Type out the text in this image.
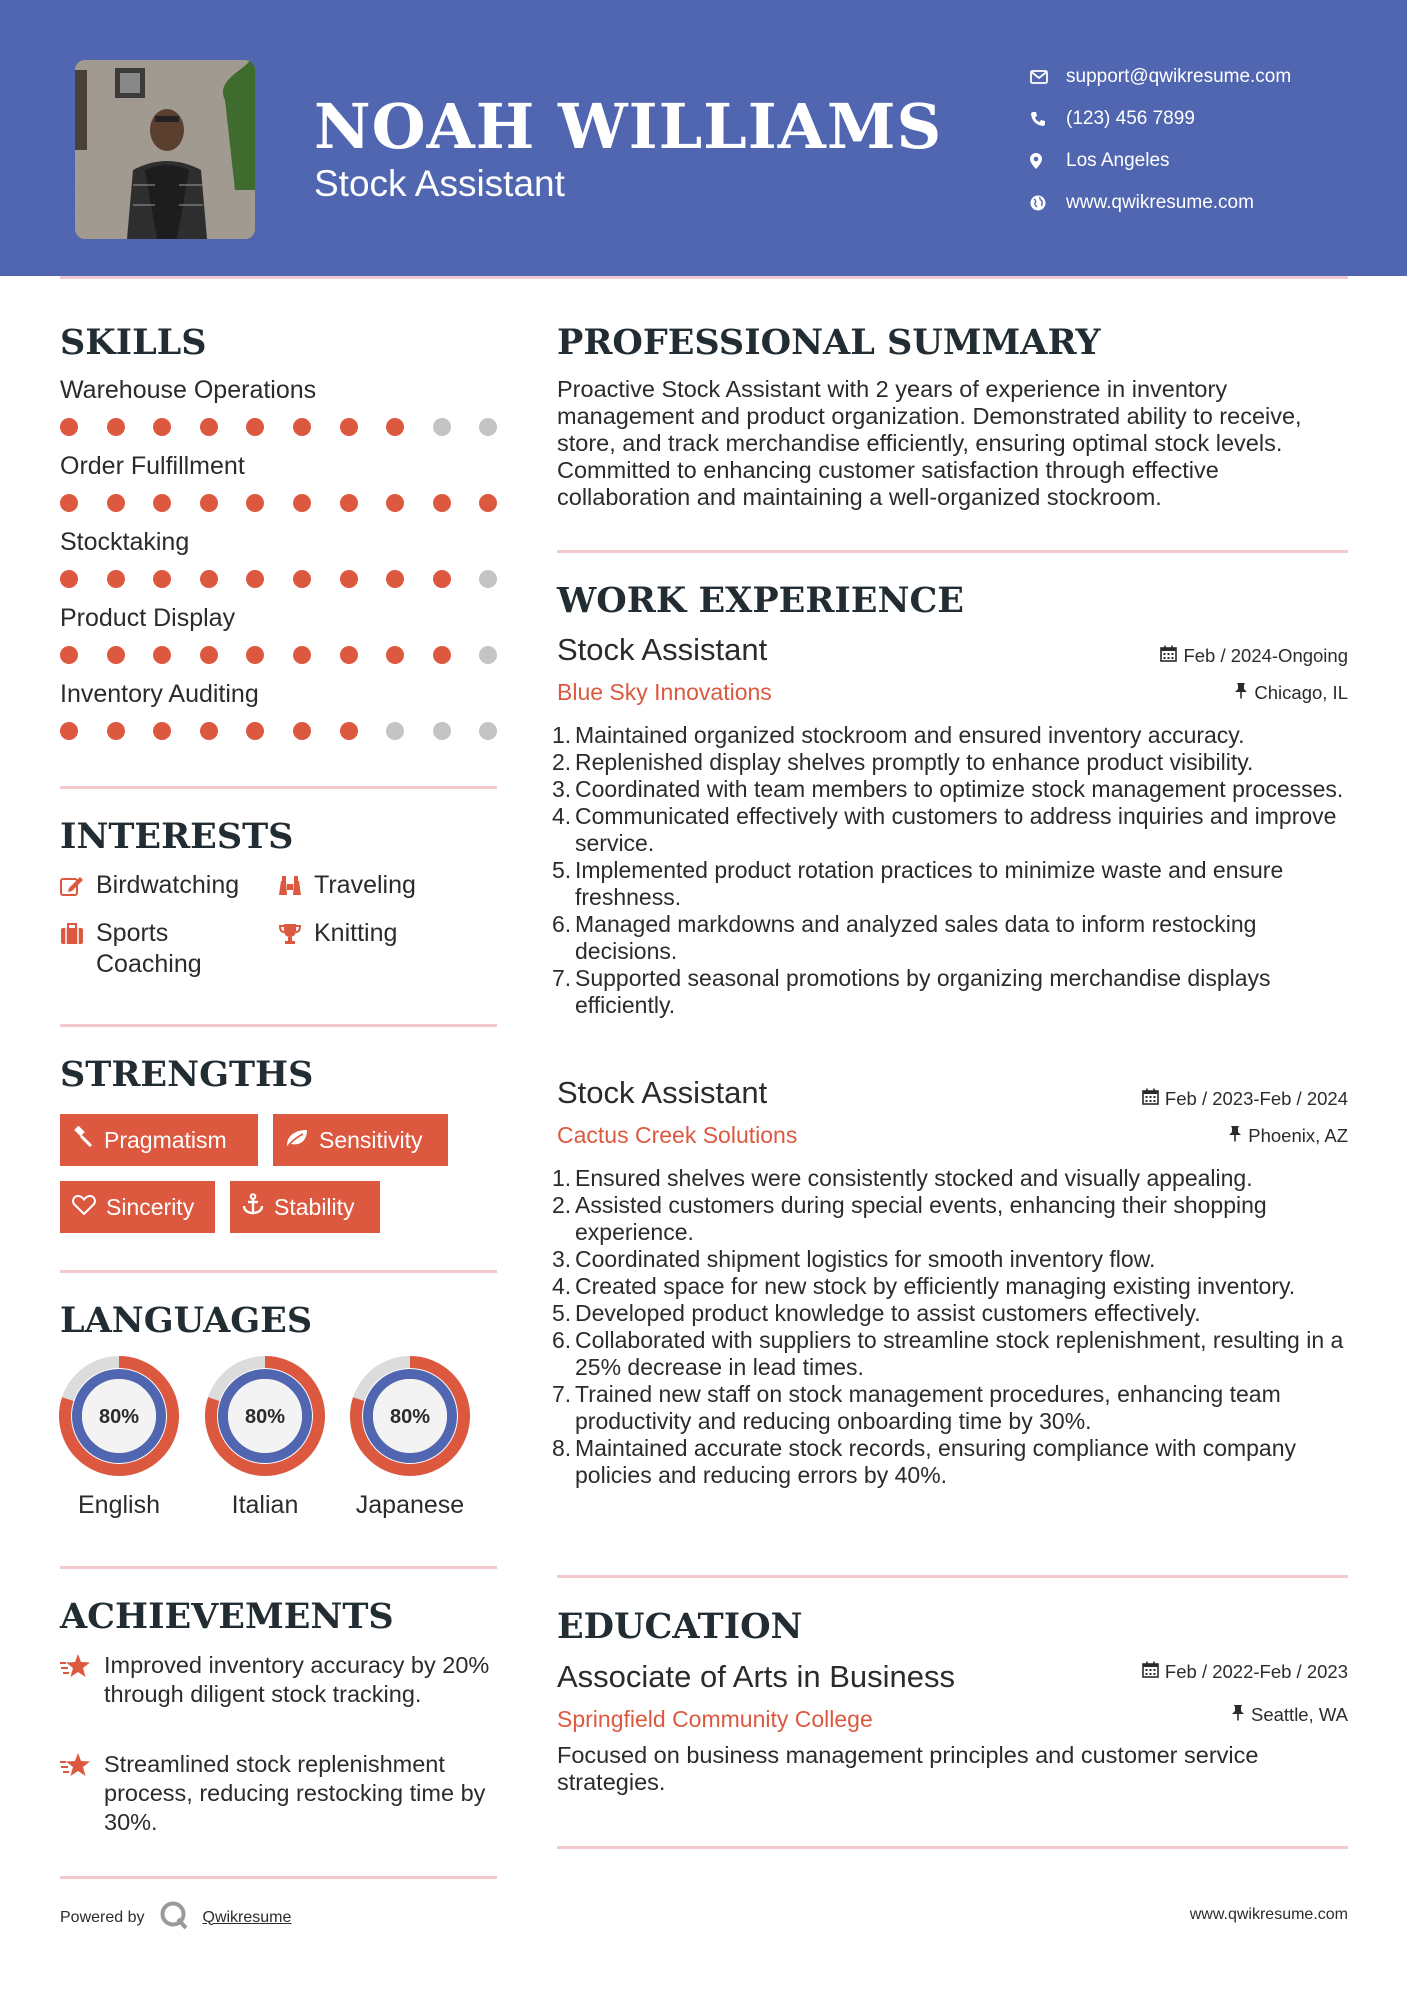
NOAH WILLIAMS
Stock Assistant
support@qwikresume.com
(123) 456 7899
Los Angeles
www.qwikresume.com
SKILLS
Warehouse Operations
Order Fulfillment
Stocktaking
Product Display
Inventory Auditing
INTERESTS
Birdwatching	Traveling
Sports Coaching
Knitting
STRENGTHS
Pragmatism	Sensitivity
Sincerity	Stability
LANGUAGES
80%
English
80%
Italian
80%
Japanese
ACHIEVEMENTS
Improved inventory accuracy by 20% through diligent stock tracking.
Streamlined stock replenishment process, reducing restocking time by 30%.
PROFESSIONAL SUMMARY
Proactive Stock Assistant with 2 years of experience in inventory management and product organization. Demonstrated ability to receive, store, and track merchandise efficiently, ensuring optimal stock levels. Committed to enhancing customer satisfaction through effective collaboration and maintaining a well-organized stockroom.
WORK EXPERIENCE
Stock Assistant	Feb / 2024-Ongoing
Blue Sky Innovations	Chicago, IL
1. Maintained organized stockroom and ensured inventory accuracy.
2. Replenished display shelves promptly to enhance product visibility.
3. Coordinated with team members to optimize stock management processes.
4. Communicated effectively with customers to address inquiries and improve service.
5. Implemented product rotation practices to minimize waste and ensure freshness.
6. Managed markdowns and analyzed sales data to inform restocking decisions.
7. Supported seasonal promotions by organizing merchandise displays efficiently.
Stock Assistant	Feb / 2023-Feb / 2024
Cactus Creek Solutions	Phoenix, AZ
1. Ensured shelves were consistently stocked and visually appealing.
2. Assisted customers during special events, enhancing their shopping experience.
3. Coordinated shipment logistics for smooth inventory flow.
4. Created space for new stock by efficiently managing existing inventory.
5. Developed product knowledge to assist customers effectively.
6. Collaborated with suppliers to streamline stock replenishment, resulting in a 25% decrease in lead times.
7. Trained new staff on stock management procedures, enhancing team productivity and reducing onboarding time by 30%.
8. Maintained accurate stock records, ensuring compliance with company policies and reducing errors by 40%.
EDUCATION
Associate of Arts in Business	Feb / 2022-Feb / 2023
Springfield Community College	Seattle, WA
Focused on business management principles and customer service strategies.
Powered by	Qwikresume	www.qwikresume.com
